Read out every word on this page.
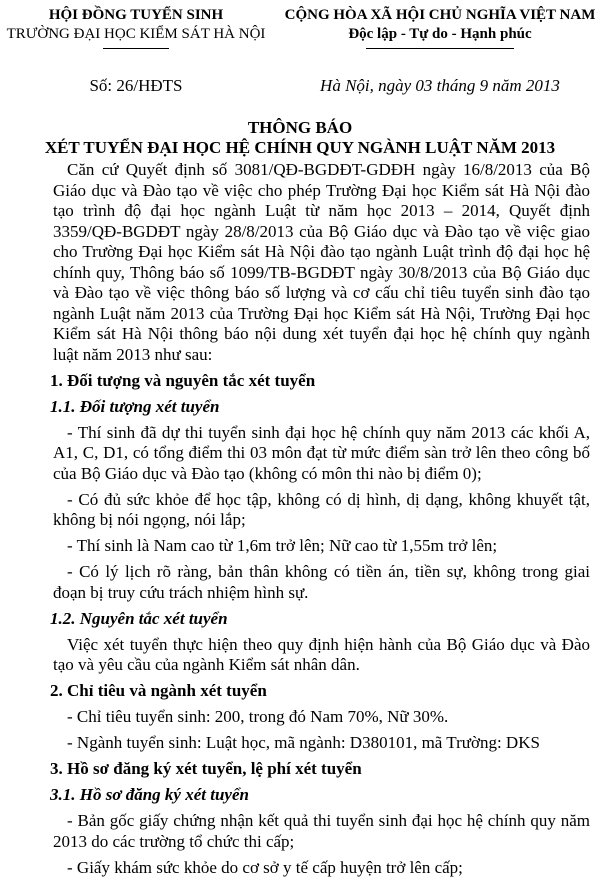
HỘI ĐỒNG TUYỂN SINH
TRƯỜNG ĐẠI HỌC KIỂM SÁT HÀ NỘI
CỘNG HÒA XÃ HỘI CHỦ NGHĨA VIỆT NAM
Độc lập - Tự do - Hạnh phúc
Số: 26/HĐTS	Hà Nội, ngày 03 tháng 9 năm 2013
THÔNG BÁO
XÉT TUYỂN ĐẠI HỌC HỆ CHÍNH QUY NGÀNH LUẬT NĂM 2013

Căn cứ Quyết định số 3081/QĐ-BGDĐT-GDĐH ngày 16/8/2013 của Bộ Giáo dục và Đào tạo về việc cho phép Trường Đại học Kiểm sát Hà Nội đào tạo trình độ đại học ngành Luật từ năm học 2013 – 2014, Quyết định 3359/QĐ-BGDĐT ngày 28/8/2013 của Bộ Giáo dục và Đào tạo về việc giao cho Trường Đại học Kiểm sát Hà Nội đào tạo ngành Luật trình độ đại học hệ chính quy, Thông báo số 1099/TB-BGDĐT ngày 30/8/2013 của Bộ Giáo dục và Đào tạo về việc thông báo số lượng và cơ cấu chỉ tiêu tuyển sinh đào tạo ngành Luật năm 2013 của Trường Đại học Kiểm sát Hà Nội, Trường Đại học Kiểm sát Hà Nội thông báo nội dung xét tuyển đại học hệ chính quy ngành luật năm 2013 như sau:

1. Đối tượng và nguyên tắc xét tuyển

1.1. Đối tượng xét tuyển

- Thí sinh đã dự thi tuyển sinh đại học hệ chính quy năm 2013 các khối A, A1, C, D1, có tổng điểm thi 03 môn đạt từ mức điểm sàn trở lên theo công bố của Bộ Giáo dục và Đào tạo (không có môn thi nào bị điểm 0);

- Có đủ sức khỏe để học tập, không có dị hình, dị dạng, không khuyết tật, không bị nói ngọng, nói lắp;

- Thí sinh là Nam cao từ 1,6m trở lên; Nữ cao từ 1,55m trở lên;

- Có lý lịch rõ ràng, bản thân không có tiền án, tiền sự, không trong giai đoạn bị truy cứu trách nhiệm hình sự.

1.2. Nguyên tắc xét tuyển

Việc xét tuyển thực hiện theo quy định hiện hành của Bộ Giáo dục và Đào tạo và yêu cầu của ngành Kiểm sát nhân dân.

2. Chỉ tiêu và ngành xét tuyển

- Chỉ tiêu tuyển sinh: 200, trong đó Nam 70%, Nữ 30%.

- Ngành tuyển sinh: Luật học, mã ngành: D380101, mã Trường: DKS

3. Hồ sơ đăng ký xét tuyển, lệ phí xét tuyển

3.1. Hồ sơ đăng ký xét tuyển

- Bản gốc giấy chứng nhận kết quả thi tuyển sinh đại học hệ chính quy năm 2013 do các trường tổ chức thi cấp;

- Giấy khám sức khỏe do cơ sở y tế cấp huyện trở lên cấp;
